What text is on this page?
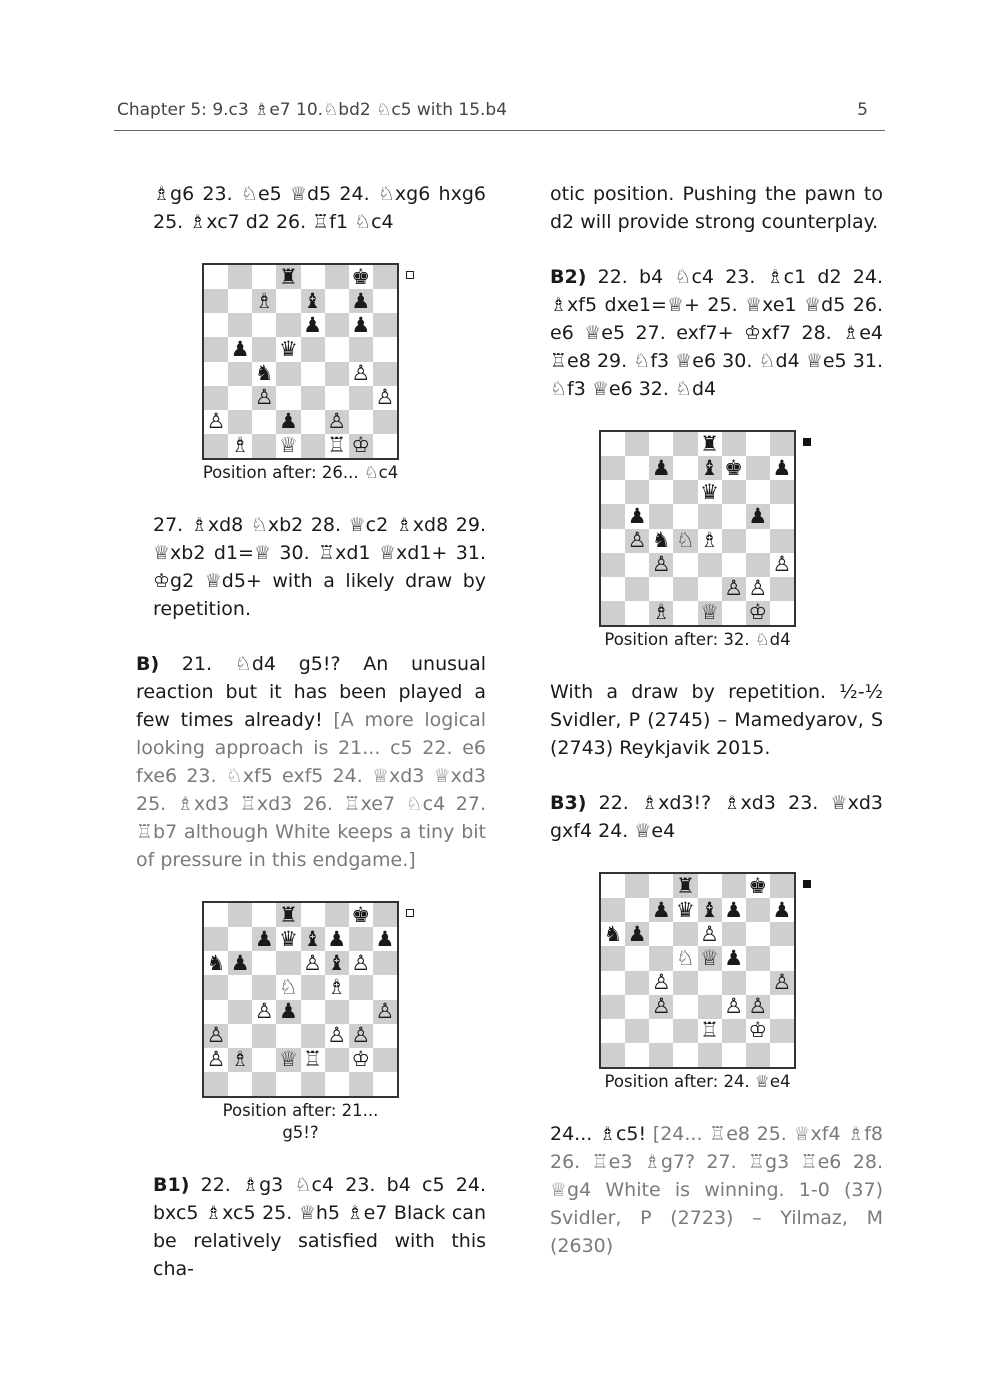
Chapter 5: 9.c3 ♗e7 10.♘bd2 ♘c5 with 15.b4	5

♗g6 23. ♘e5 ♕d5 24. ♘xg6 hxg6 25. ♗xc7 d2 26. ♖f1 ♘c4

♜	♚
♗ ♝ ♟
♟ ♟
♟ ♛
♞	♙
♙	♙
♙	♟ ♙
♗ ♕ ♖ ♔
Position after: 26... ♘c4

27. ♗xd8 ♘xb2 28. ♕c2 ♗xd8 29. ♕xb2 d1=♕ 30. ♖xd1 ♕xd1+ 31. ♔g2 ♕d5+ with a likely draw by repetition.

B) 21. ♘d4 g5!? An unusual reaction but it has been played a few times already! [A more logical looking approach is 21... c5 22. e6 fxe6 23. ♘xf5 exf5 24. ♕xd3 ♕xd3 25. ♗xd3 ♖xd3 26. ♖xe7 ♘c4 27. ♖b7 although White keeps a tiny bit of pressure in this endgame.]

♜	♚
♟ ♛ ♝ ♟ ♟
♞ ♟	♙ ♝ ♙
♘ ♗
♙ ♟	♙
♙	♙ ♙
♙ ♗ ♕ ♖ ♔
Position after: 21... g5!?

B1) 22. ♗g3 ♘c4 23. b4 c5 24. bxc5 ♗xc5 25. ♕h5 ♗e7 Black can be relatively satisfied with this cha-

otic position. Pushing the pawn to d2 will provide strong counterplay.

B2) 22. b4 ♘c4 23. ♗c1 d2 24. ♗xf5 dxe1=♕+ 25. ♕xe1 ♕d5 26. e6 ♕e5 27. exf7+ ♔xf7 28. ♗e4 ♖e8 29. ♘f3 ♕e6 30. ♘d4 ♕e5 31. ♘f3 ♕e6 32. ♘d4

♜
♟ ♝ ♚ ♟
♛
♟	♟
♙ ♞ ♘ ♗
♙	♙
♙ ♙
♗ ♕ ♔
Position after: 32. ♘d4

With a draw by repetition. ½-½ Svidler, P (2745) – Mamedyarov, S (2743) Reykjavik 2015.

B3) 22. ♗xd3!? ♗xd3 23. ♕xd3 gxf4 24. ♕e4

♜	♚
♟ ♛ ♝ ♟ ♟
♞ ♟	♙
♘ ♕ ♟
♙	♙
♙	♙ ♙
♖ ♔
Position after: 24. ♕e4

24... ♗c5! [24... ♖e8 25. ♕xf4 ♗f8 26. ♖e3 ♗g7? 27. ♖g3 ♖e6 28. ♕g4 White is winning. 1-0 (37) Svidler, P (2723) – Yilmaz, M (2630)
